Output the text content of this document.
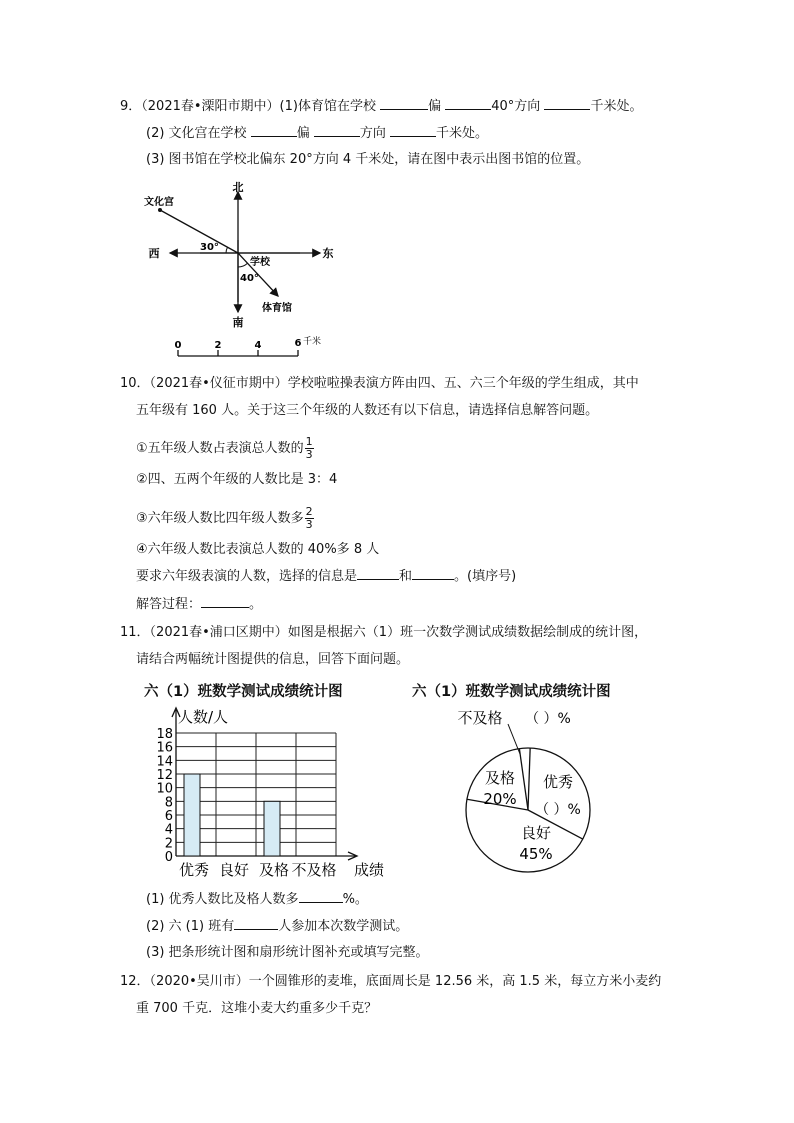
9．（2021春•溧阳市期中）(1)体育馆在学校	偏	40°方向	千米处。
(2) 文化宫在学校	偏	方向	千米处。
(3) 图书馆在学校北偏东 20°方向 4 千米处，请在图中表示出图书馆的位置。
北
南
西	东
文化宫
30°
学校
40°
体育馆
0	2	4	6 千米
10．（2021春•仪征市期中）学校啦啦操表演方阵由四、五、六三个年级的学生组成，其中
五年级有 160 人。关于这三个年级的人数还有以下信息，请选择信息解答问题。
①五年级人数占表演总人数的 $\frac{1}{3}$
②四、五两个年级的人数比是 3：4
③六年级人数比四年级人数多 $\frac{2}{3}$
④六年级人数比表演总人数的 40%多 8 人
要求六年级表演的人数，选择的信息是	和	。(填序号)
解答过程：	。
11．（2021春•浦口区期中）如图是根据六（1）班一次数学测试成绩数据绘制成的统计图，
请结合两幅统计图提供的信息，回答下面问题。
六（1）班数学测试成绩统计图	六（1）班数学测试成绩统计图
0
2
4
6
8
10
12
14
16
18
人数/人
成绩
优秀 良好 及格 不及格
优秀
（ ）%
良好
45%
及格
20%
不及格 （ ）%
(1) 优秀人数比及格人数多	%。
(2) 六 (1) 班有	人参加本次数学测试。
(3) 把条形统计图和扇形统计图补充或填写完整。
12．（2020•吴川市）一个圆锥形的麦堆，底面周长是 12.56 米，高 1.5 米，每立方米小麦约
重 700 千克．这堆小麦大约重多少千克？
